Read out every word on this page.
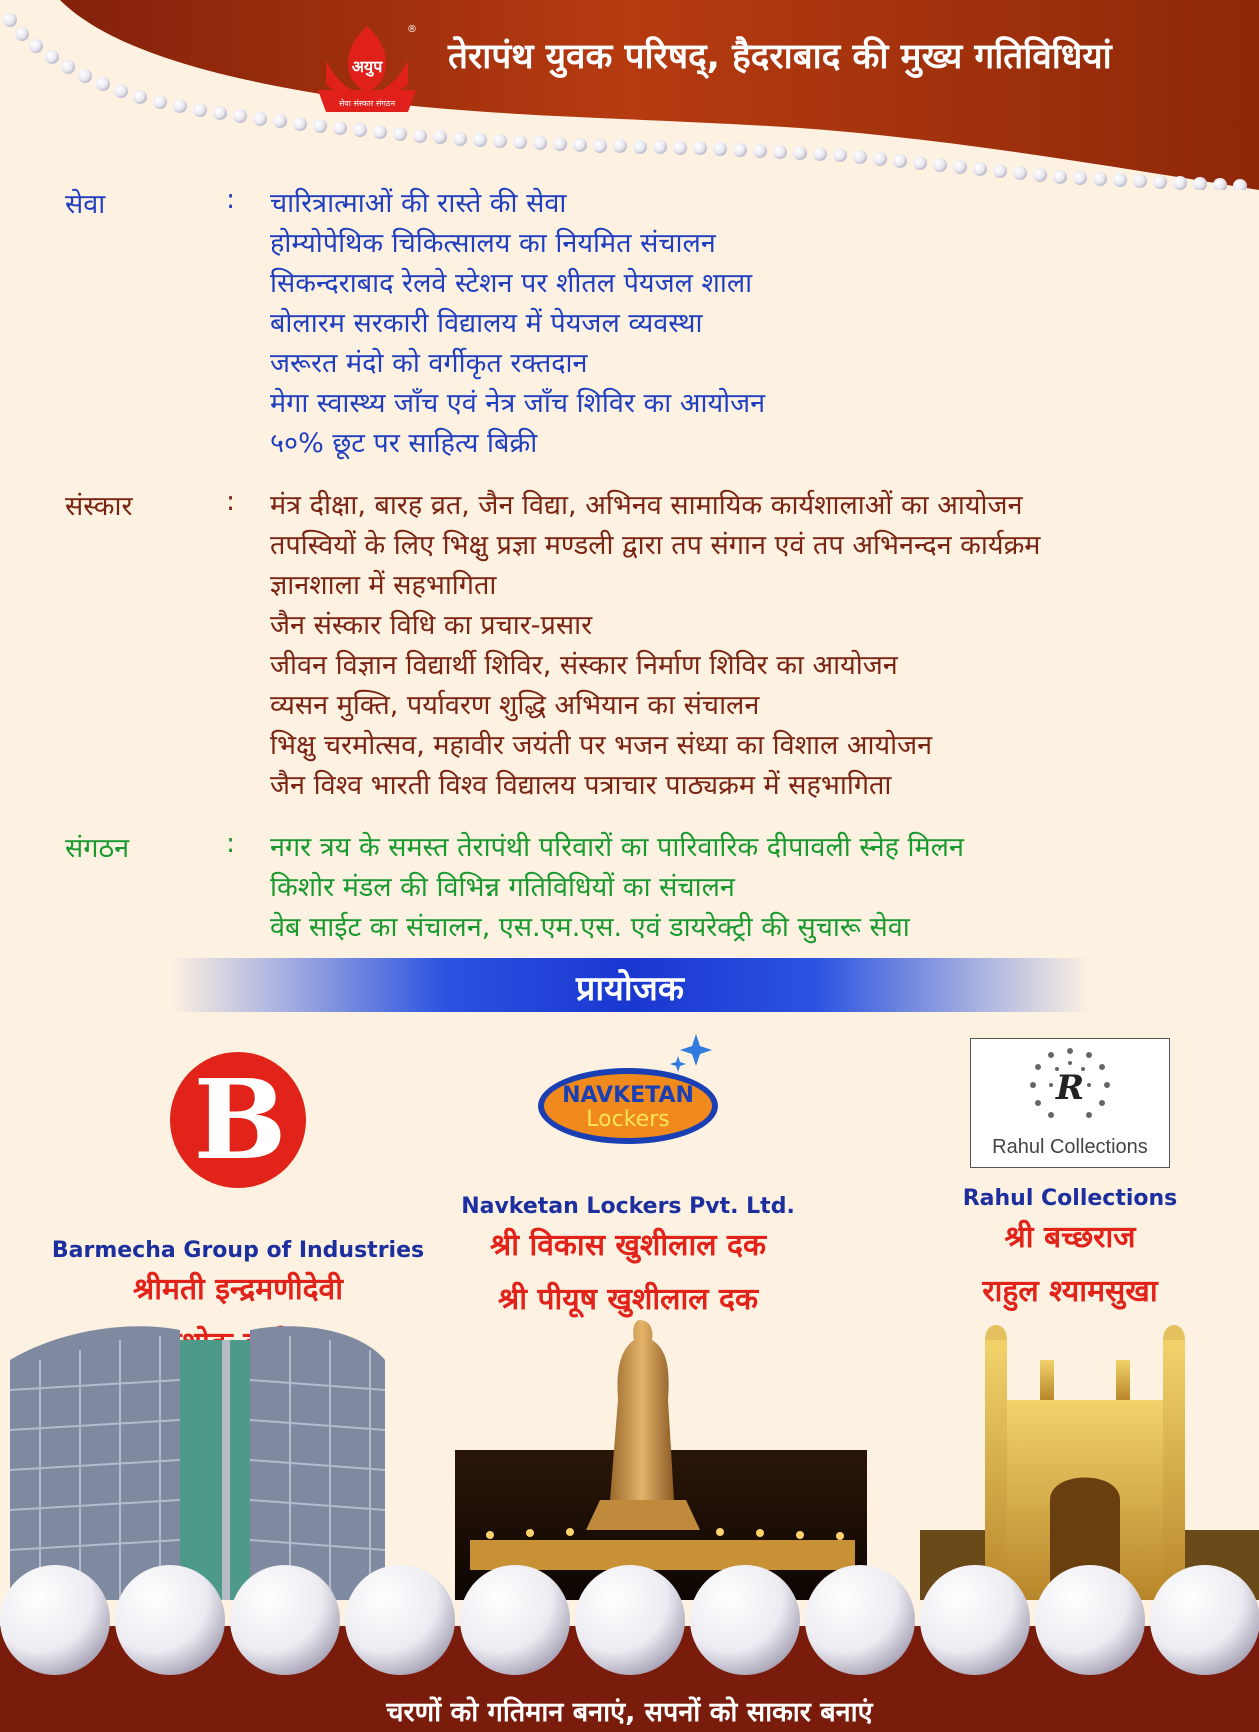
अयुप
सेवा संस्कार संगठन
®
तेरापंथ युवक परिषद्, हैदराबाद की मुख्य गतिविधियां
सेवा	: चारित्रात्माओं की रास्ते की सेवा
होम्योपेथिक चिकित्सालय का नियमित संचालन
सिकन्दराबाद रेलवे स्टेशन पर शीतल पेयजल शाला
बोलारम सरकारी विद्यालय में पेयजल व्यवस्था
जरूरत मंदो को वर्गीकृत रक्तदान
मेगा स्वास्थ्य जाँच एवं नेत्र जाँच शिविर का आयोजन
५०% छूट पर साहित्य बिक्री
संस्कार	: मंत्र दीक्षा, बारह व्रत, जैन विद्या, अभिनव सामायिक कार्यशालाओं का आयोजन
तपस्वियों के लिए भिक्षु प्रज्ञा मण्डली द्वारा तप संगान एवं तप अभिनन्दन कार्यक्रम
ज्ञानशाला में सहभागिता
जैन संस्कार विधि का प्रचार-प्रसार
जीवन विज्ञान विद्यार्थी शिविर, संस्कार निर्माण शिविर का आयोजन
व्यसन मुक्ति, पर्यावरण शुद्धि अभियान का संचालन
भिक्षु चरमोत्सव, महावीर जयंती पर भजन संध्या का विशाल आयोजन
जैन विश्व भारती विश्व विद्यालय पत्राचार पाठ्यक्रम में सहभागिता
संगठन	: नगर त्रय के समस्त तेरापंथी परिवारों का पारिवारिक दीपावली स्नेह मिलन
किशोर मंडल की विभिन्न गतिविधियों का संचालन
वेब साईट का संचालन, एस.एम.एस. एवं डायरेक्ट्री की सुचारू सेवा
प्रायोजक
B
Barmecha Group of Industries
श्रीमती इन्द्रमणीदेवी
NAVKETAN
Lockers
Navketan Lockers Pvt. Ltd.
श्री विकास खुशीलाल दक
श्री पीयूष खुशीलाल दक
R
Rahul Collections
Rahul Collections
श्री बच्छराज
राहुल श्यामसुखा
चरणों को गतिमान बनाएं, सपनों को साकार बनाएं
